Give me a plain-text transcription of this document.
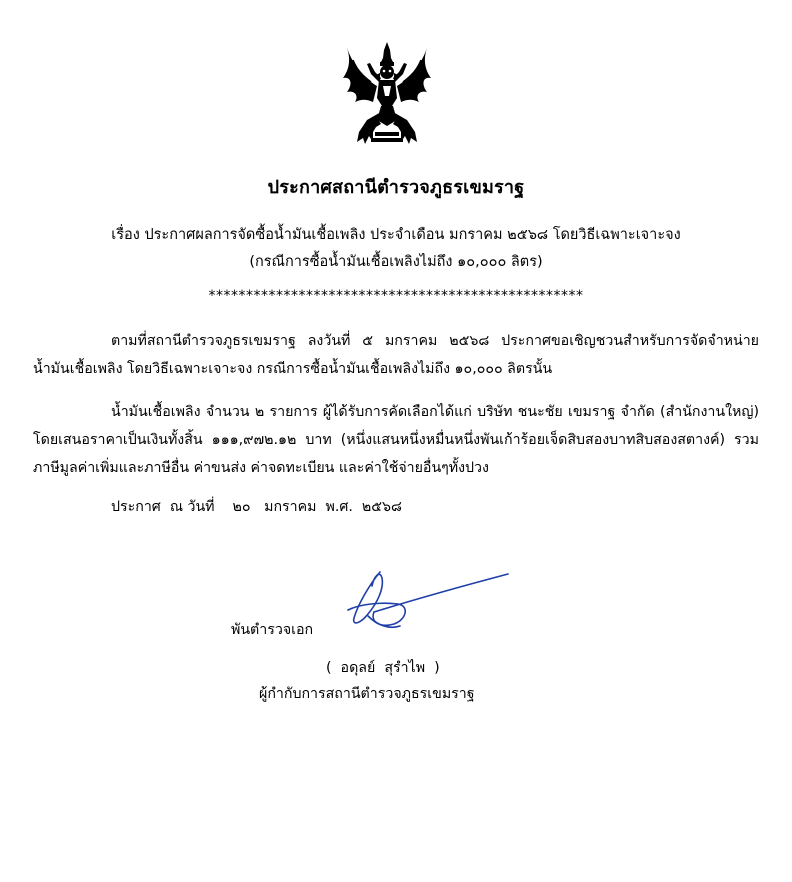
ประกาศสถานีตำรวจภูธรเขมราฐ
เรื่อง ประกาศผลการจัดซื้อน้ำมันเชื้อเพลิง ประจำเดือน มกราคม ๒๕๖๘ โดยวิธีเฉพาะเจาะจง
(กรณีการซื้อน้ำมันเชื้อเพลิงไม่ถึง ๑๐,๐๐๐ ลิตร)
**************************************************
ตามที่สถานีตำรวจภูธรเขมราฐ ลงวันที่ ๕ มกราคม ๒๕๖๘ ประกาศขอเชิญชวนสำหรับการจัดจำหน่าย น้ำมันเชื้อเพลิง โดยวิธีเฉพาะเจาะจง กรณีการซื้อน้ำมันเชื้อเพลิงไม่ถึง ๑๐,๐๐๐ ลิตรนั้น
น้ำมันเชื้อเพลิง จำนวน ๒ รายการ ผู้ได้รับการคัดเลือกได้แก่ บริษัท ชนะชัย เขมราฐ จำกัด (สำนักงานใหญ่) โดยเสนอราคาเป็นเงินทั้งสิ้น ๑๑๑,๙๗๒.๑๒ บาท (หนึ่งแสนหนึ่งหมื่นหนึ่งพันเก้าร้อยเจ็ดสิบสองบาทสิบสองสตางค์) รวมภาษีมูลค่าเพิ่มและภาษีอื่น ค่าขนส่ง ค่าจดทะเบียน และค่าใช้จ่ายอื่นๆทั้งปวง
ประกาศ  ณ วันที่    ๒๐   มกราคม  พ.ศ.  ๒๕๖๘
พันตำรวจเอก
(  อดุลย์  สุรำไพ  )
ผู้กำกับการสถานีตำรวจภูธรเขมราฐ
